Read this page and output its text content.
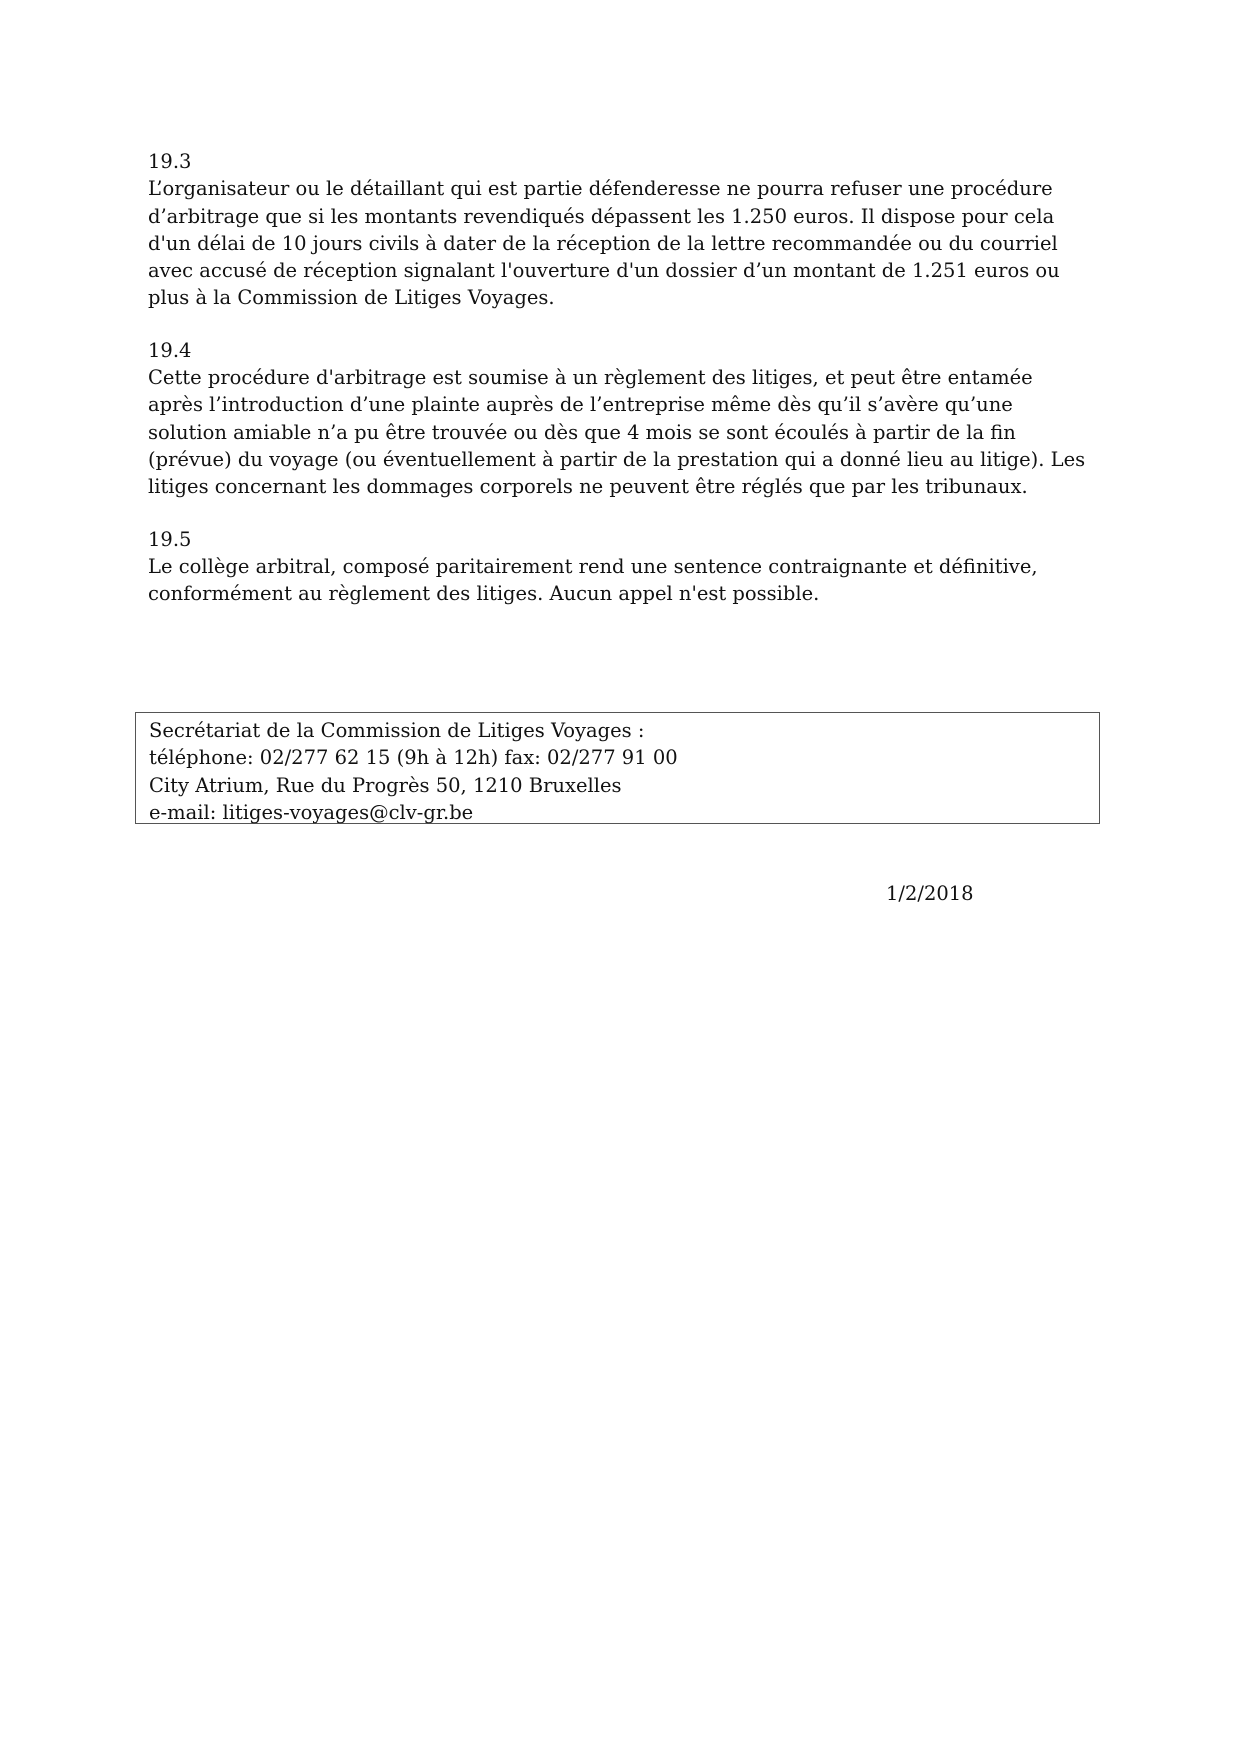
19.3

L’organisateur ou le détaillant qui est partie défenderesse ne pourra refuser une procédure d’arbitrage que si les montants revendiqués dépassent les 1.250 euros. Il dispose pour cela d'un délai de 10 jours civils à dater de la réception de la lettre recommandée ou du courriel avec accusé de réception signalant l'ouverture d'un dossier d’un montant de 1.251 euros ou plus à la Commission de Litiges Voyages.

19.4

Cette procédure d'arbitrage est soumise à un règlement des litiges, et peut être entamée après l’introduction d’une plainte auprès de l’entreprise même dès qu’il s’avère qu’une solution amiable n’a pu être trouvée ou dès que 4 mois se sont écoulés à partir de la fin (prévue) du voyage (ou éventuellement à partir de la prestation qui a donné lieu au litige). Les litiges concernant les dommages corporels ne peuvent être réglés que par les tribunaux.

19.5

Le collège arbitral, composé paritairement rend une sentence contraignante et définitive, conformément au règlement des litiges. Aucun appel n'est possible.

Secrétariat de la Commission de Litiges Voyages :

téléphone: 02/277 62 15 (9h à 12h) fax: 02/277 91 00

City Atrium, Rue du Progrès 50, 1210 Bruxelles

e-mail: litiges-voyages@clv-gr.be

1/2/2018
